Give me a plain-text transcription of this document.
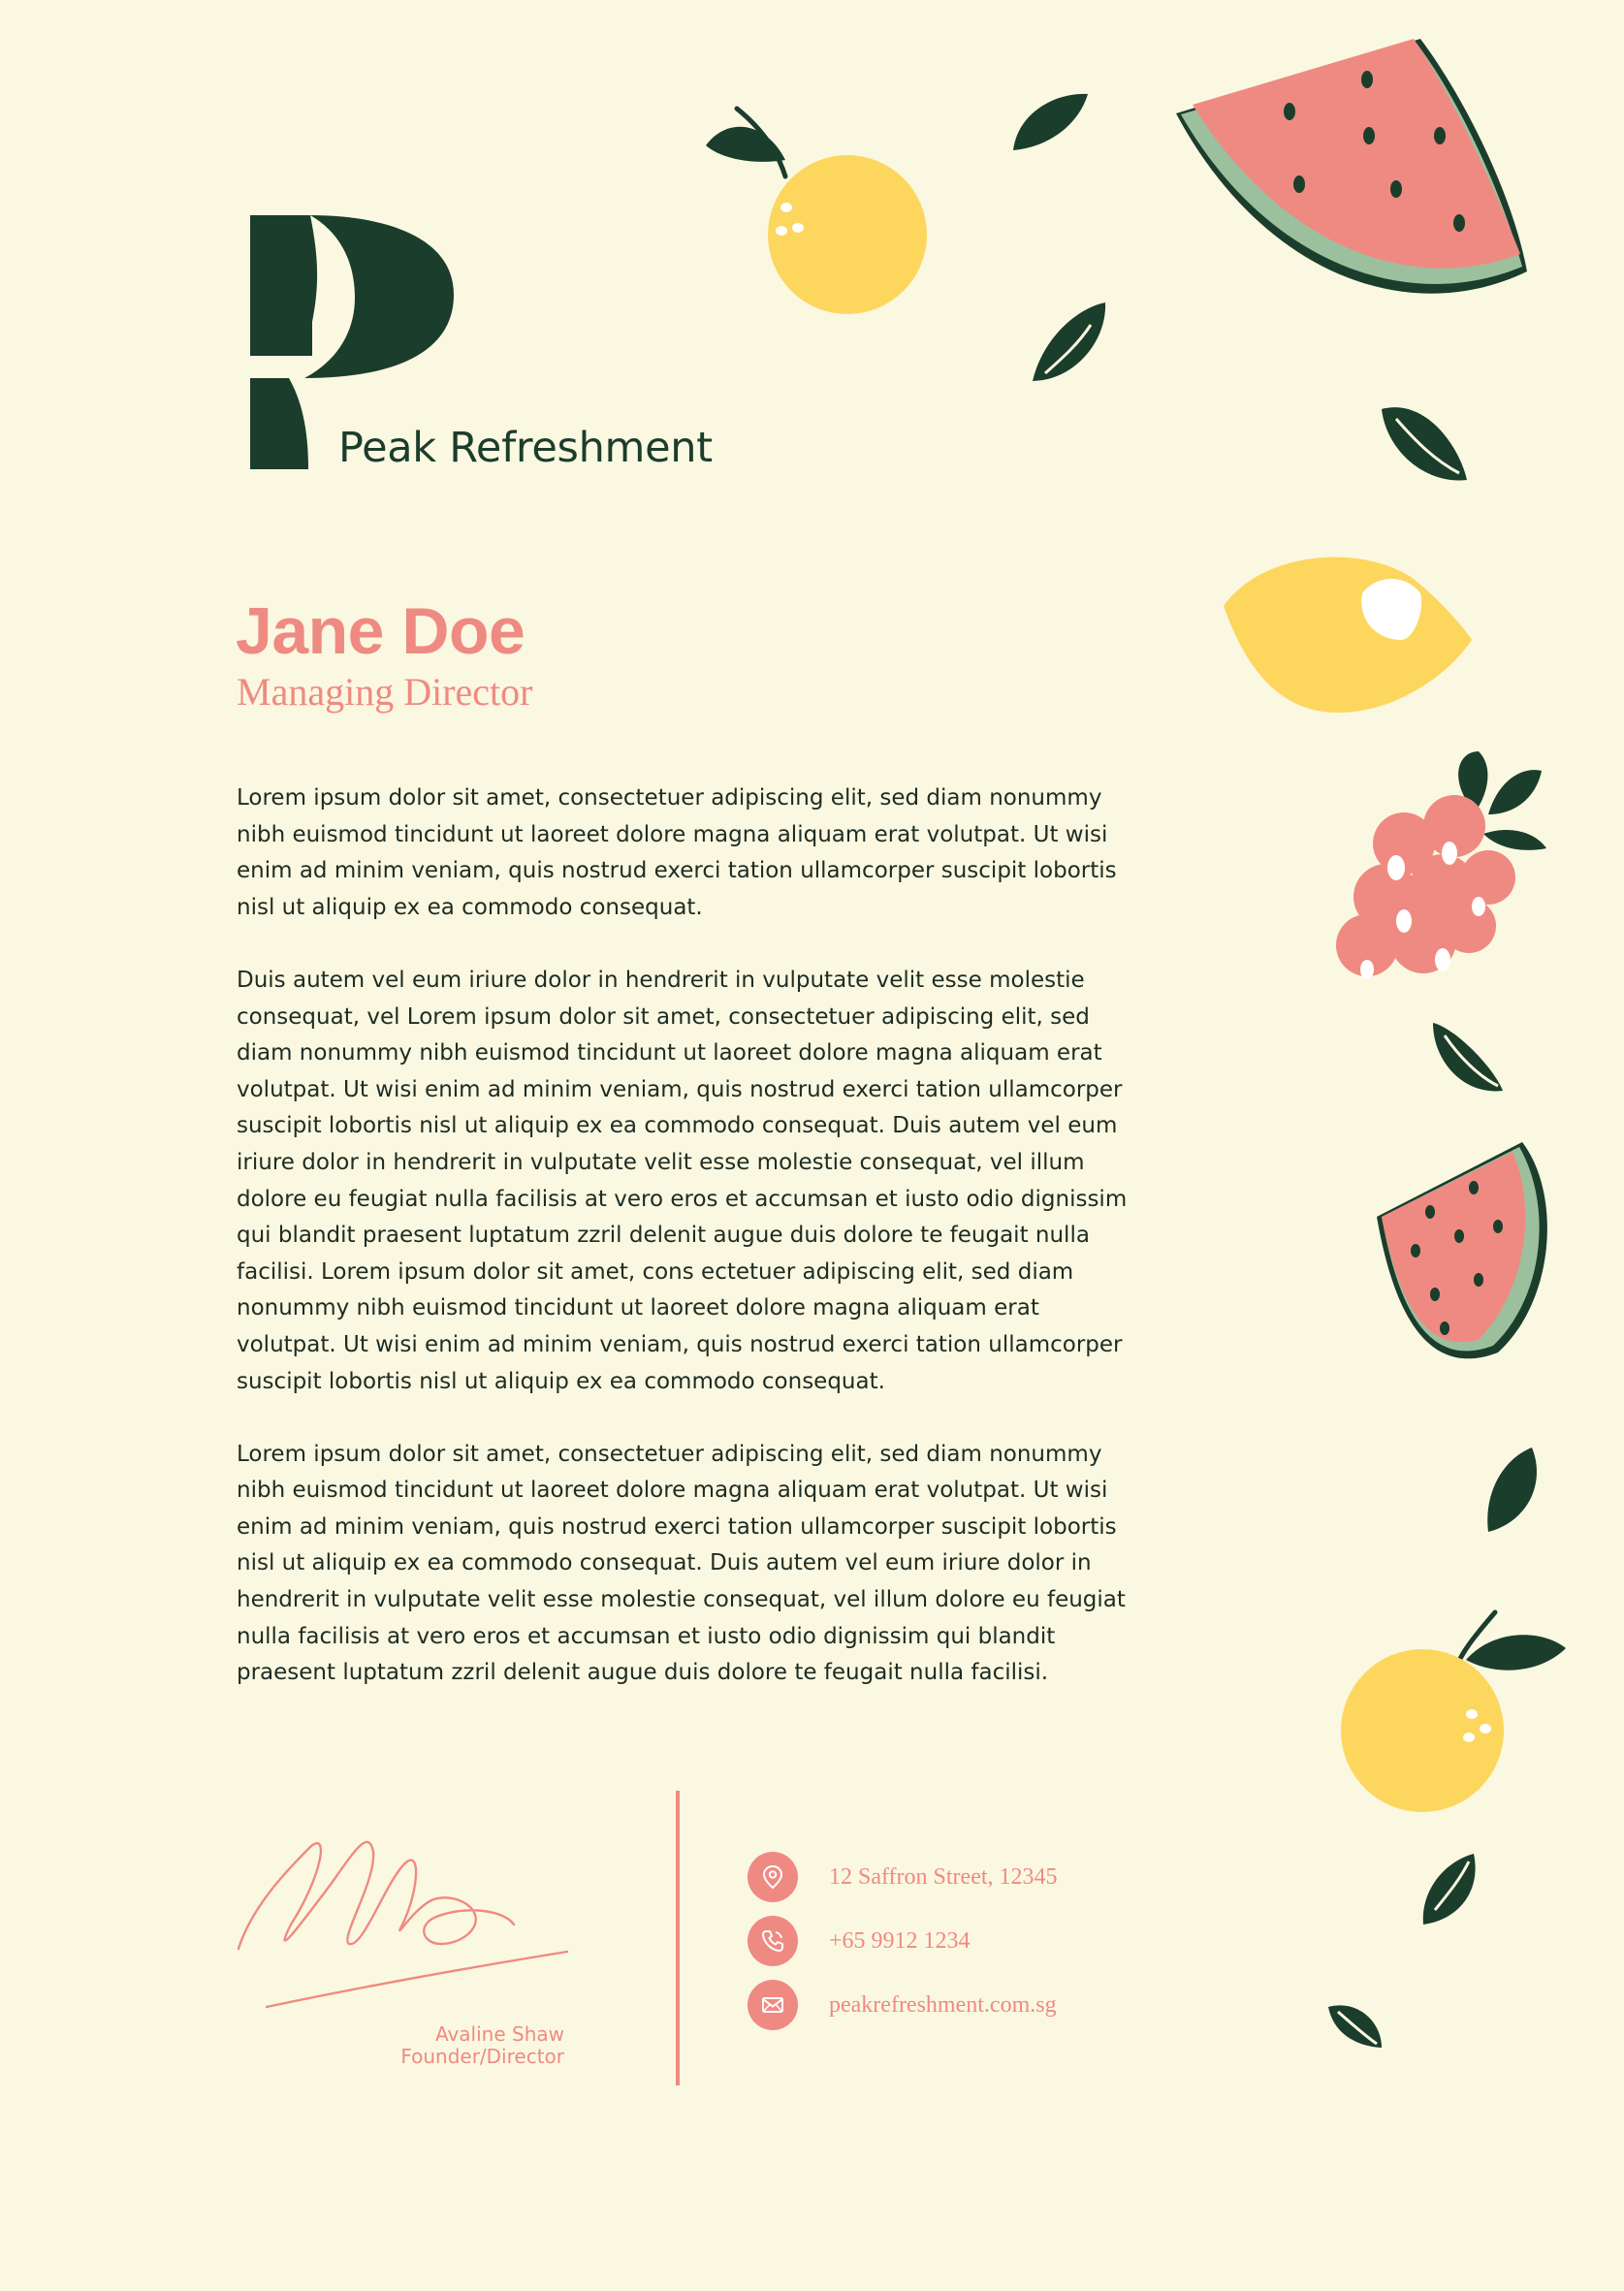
Peak Refreshment
Jane Doe
Managing Director

Lorem ipsum dolor sit amet, consectetuer adipiscing elit, sed diam nonummy nibh euismod tincidunt ut laoreet dolore magna aliquam erat volutpat. Ut wisi enim ad minim veniam, quis nostrud exerci tation ullamcorper suscipit lobortis nisl ut aliquip ex ea commodo consequat.

Duis autem vel eum iriure dolor in hendrerit in vulputate velit esse molestie consequat, vel Lorem ipsum dolor sit amet, consectetuer adipiscing elit, sed diam nonummy nibh euismod tincidunt ut laoreet dolore magna aliquam erat volutpat. Ut wisi enim ad minim veniam, quis nostrud exerci tation ullamcorper suscipit lobortis nisl ut aliquip ex ea commodo consequat. Duis autem vel eum iriure dolor in hendrerit in vulputate velit esse molestie consequat, vel illum dolore eu feugiat nulla facilisis at vero eros et accumsan et iusto odio dignissim qui blandit praesent luptatum zzril delenit augue duis dolore te feugait nulla facilisi. Lorem ipsum dolor sit amet, cons ectetuer adipiscing elit, sed diam nonummy nibh euismod tincidunt ut laoreet dolore magna aliquam erat volutpat. Ut wisi enim ad minim veniam, quis nostrud exerci tation ullamcorper suscipit lobortis nisl ut aliquip ex ea commodo consequat.

Lorem ipsum dolor sit amet, consectetuer adipiscing elit, sed diam nonummy nibh euismod tincidunt ut laoreet dolore magna aliquam erat volutpat. Ut wisi enim ad minim veniam, quis nostrud exerci tation ullamcorper suscipit lobortis nisl ut aliquip ex ea commodo consequat. Duis autem vel eum iriure dolor in hendrerit in vulputate velit esse molestie consequat, vel illum dolore eu feugiat nulla facilisis at vero eros et accumsan et iusto odio dignissim qui blandit praesent luptatum zzril delenit augue duis dolore te feugait nulla facilisi.

Avaline Shaw
Founder/Director
12 Saffron Street, 12345
+65 9912 1234
peakrefreshment.com.sg
